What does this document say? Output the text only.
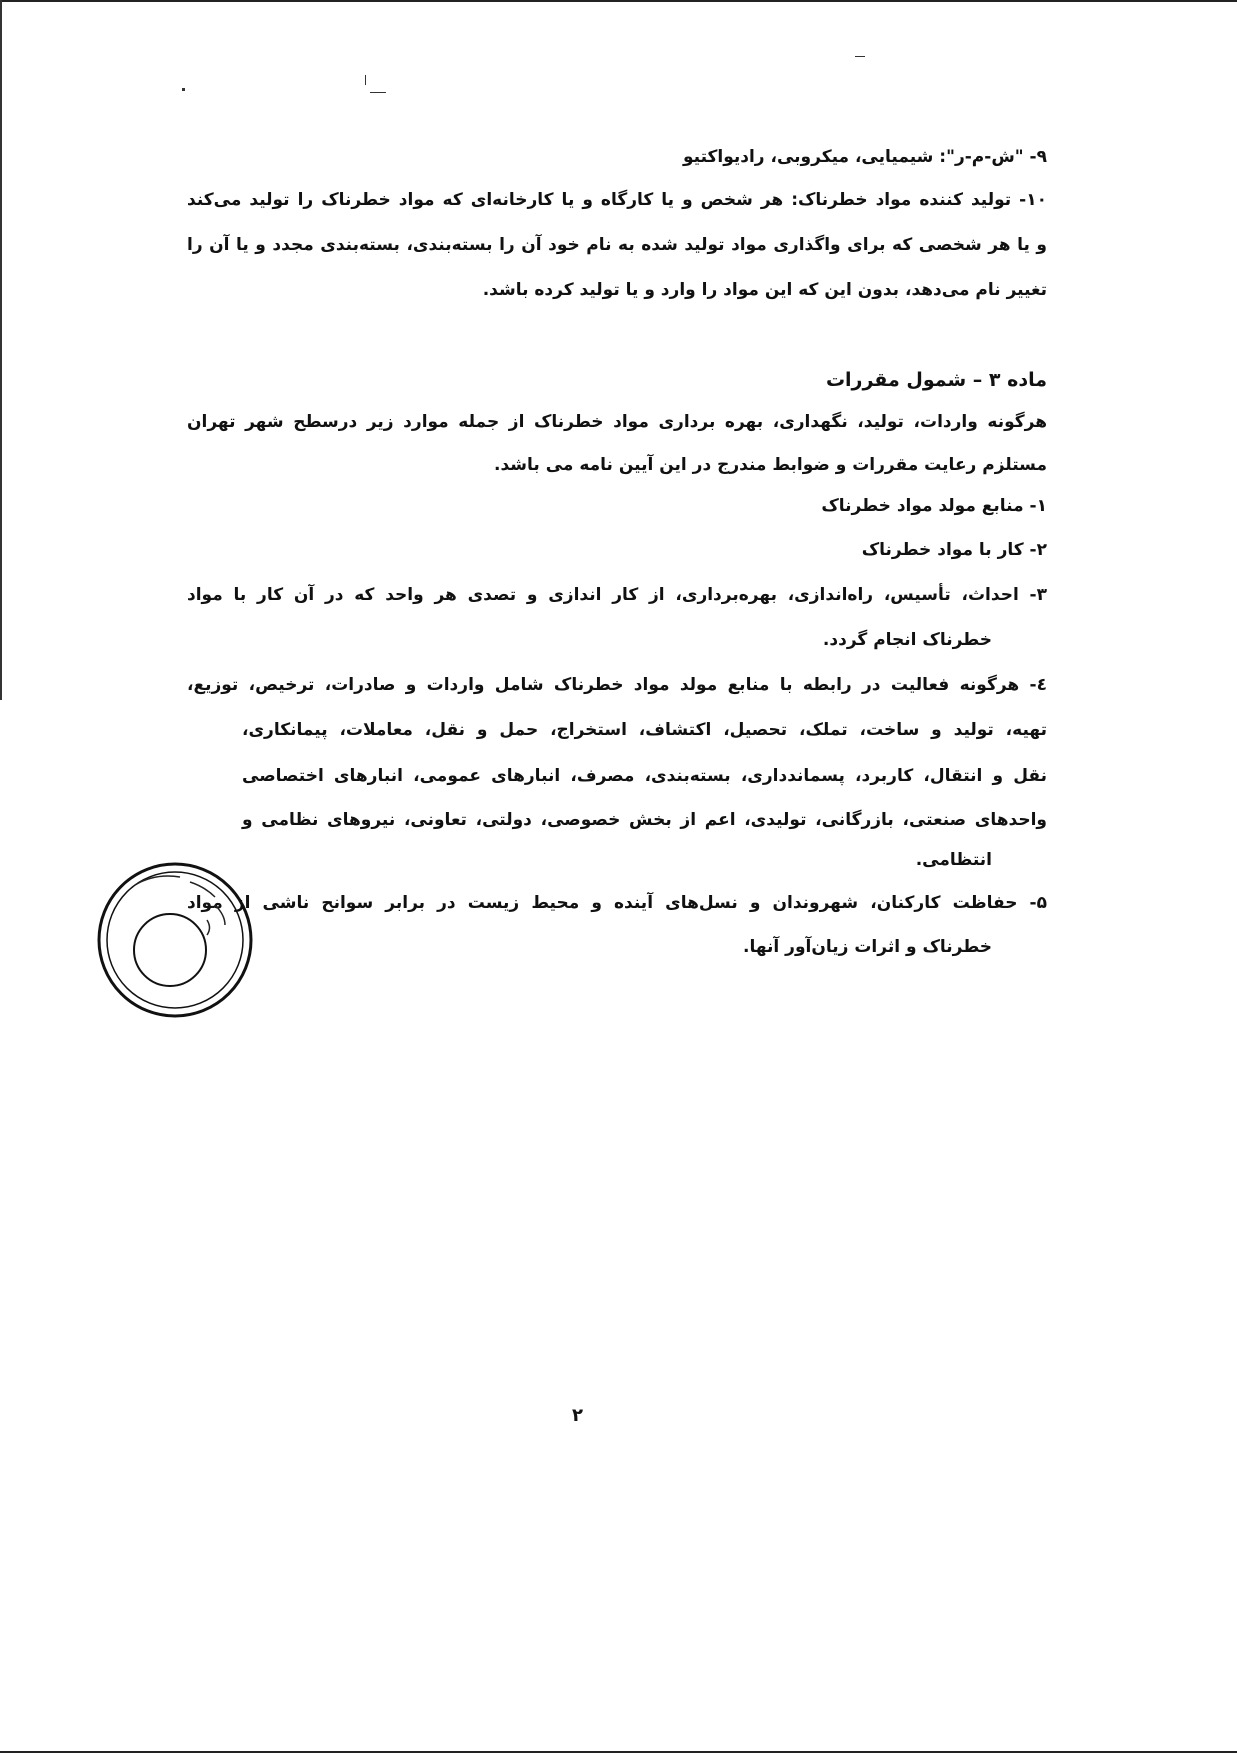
۹- "ش-م-ر": شیمیایی، میکروبی، رادیواکتیو
۱۰- تولید کننده مواد خطرناک: هر شخص و یا کارگاه و یا کارخانه‌ای که مواد خطرناک را تولید می‌کند
و یا هر شخصی که برای واگذاری مواد تولید شده به نام خود آن را بسته‌بندی، بسته‌بندی مجدد و یا آن را
تغییر نام می‌دهد، بدون این که این مواد را وارد و یا تولید کرده باشد.
ماده ۳ – شمول مقررات
هرگونه واردات، تولید، نگهداری، بهره برداری مواد خطرناک از جمله موارد زیر درسطح شهر تهران
مستلزم رعایت مقررات و ضوابط مندرج در این آیین نامه می باشد.
۱- منابع مولد مواد خطرناک
۲- کار با مواد خطرناک
۳- احداث، تأسیس، راه‌اندازی، بهره‌برداری، از کار اندازی و تصدی هر واحد که در آن کار با مواد
خطرناک انجام گردد.
٤- هرگونه فعالیت در رابطه با منابع مولد مواد خطرناک شامل واردات و صادرات، ترخیص، توزیع،
تهیه، تولید و ساخت، تملک، تحصیل، اکتشاف، استخراج، حمل و نقل، معاملات، پیمانکاری،
نقل و انتقال، کاربرد، پسماندداری، بسته‌بندی، مصرف، انبارهای عمومی، انبارهای اختصاصی
واحدهای صنعتی، بازرگانی، تولیدی، اعم از بخش خصوصی، دولتی، تعاونی، نیروهای نظامی و
انتظامی.
۵- حفاظت کارکنان، شهروندان و نسل‌های آینده و محیط زیست در برابر سوانح ناشی از مواد
خطرناک و اثرات زیان‌آور آنها.
۲
